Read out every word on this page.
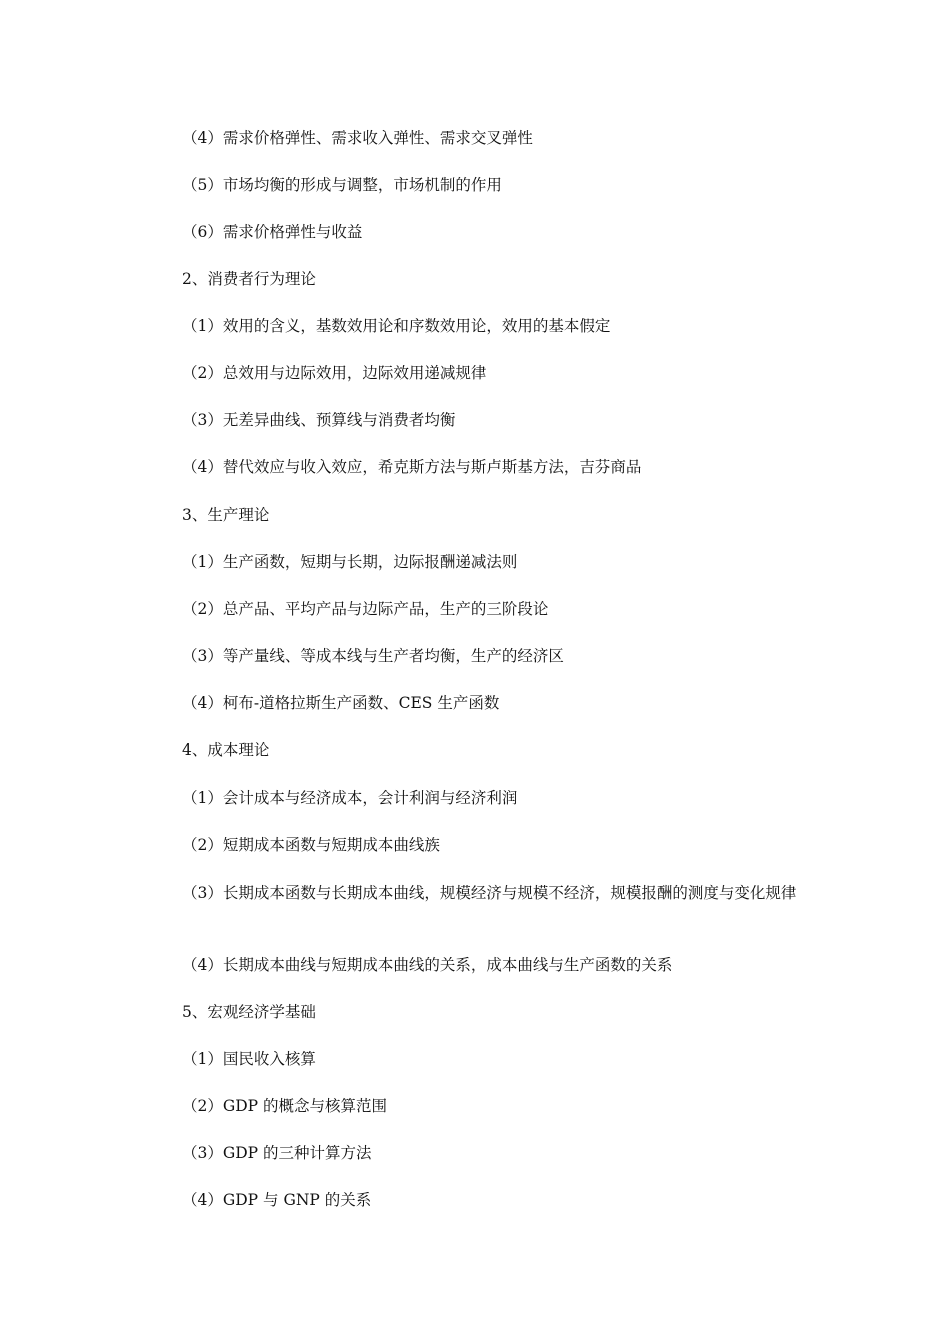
（4）需求价格弹性、需求收入弹性、需求交叉弹性
（5）市场均衡的形成与调整，市场机制的作用
（6）需求价格弹性与收益
2、消费者行为理论
（1）效用的含义，基数效用论和序数效用论，效用的基本假定
（2）总效用与边际效用，边际效用递减规律
（3）无差异曲线、预算线与消费者均衡
（4）替代效应与收入效应，希克斯方法与斯卢斯基方法，吉芬商品
3、生产理论
（1）生产函数，短期与长期，边际报酬递减法则
（2）总产品、平均产品与边际产品，生产的三阶段论
（3）等产量线、等成本线与生产者均衡，生产的经济区
（4）柯布-道格拉斯生产函数、CES 生产函数
4、成本理论
（1）会计成本与经济成本，会计利润与经济利润
（2）短期成本函数与短期成本曲线族
（3）长期成本函数与长期成本曲线，规模经济与规模不经济，规模报酬的测度与变化规律
（4）长期成本曲线与短期成本曲线的关系，成本曲线与生产函数的关系
5、宏观经济学基础
（1）国民收入核算
（2）GDP 的概念与核算范围
（3）GDP 的三种计算方法
（4）GDP 与 GNP 的关系
